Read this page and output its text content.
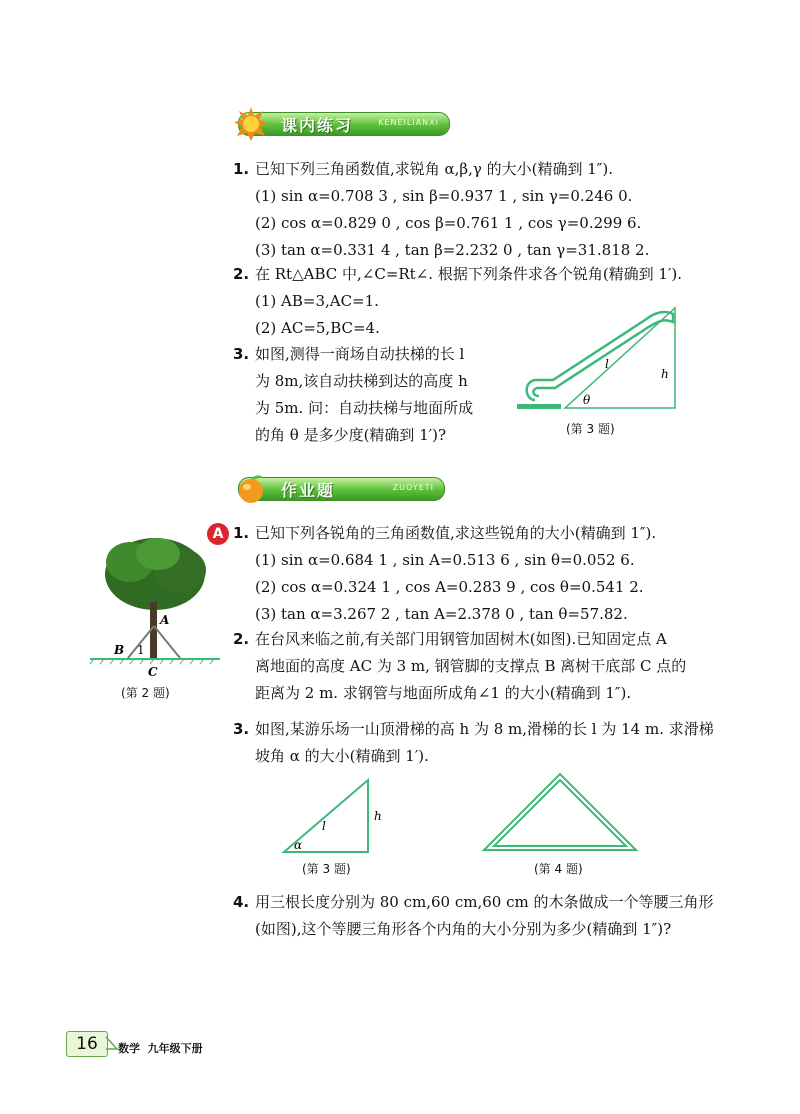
课内练习	KENEILIANXI
1. 已知下列三角函数值,求锐角 α,β,γ 的大小(精确到 1″).
(1) sin α=0.708 3 , sin β=0.937 1 , sin γ=0.246 0.
(2) cos α=0.829 0 , cos β=0.761 1 , cos γ=0.299 6.
(3) tan α=0.331 4 , tan β=2.232 0 , tan γ=31.818 2.
2. 在 Rt△ABC 中,∠C=Rt∠. 根据下列条件求各个锐角(精确到 1′).
(1) AB=3,AC=1.
(2) AC=5,BC=4.
3. 如图,测得一商场自动扶梯的长 l
为 8m,该自动扶梯到达的高度 h
为 5m. 问：自动扶梯与地面所成
的角 θ 是多少度(精确到 1′)?
l
h
θ
(第 3 题)
作业题	ZUOYETI
A 1. 已知下列各锐角的三角函数值,求这些锐角的大小(精确到 1″).
(1) sin α=0.684 1 , sin A=0.513 6 , sin θ=0.052 6.
(2) cos α=0.324 1 , cos A=0.283 9 , cos θ=0.541 2.
(3) tan α=3.267 2 , tan A=2.378 0 , tan θ=57.82.
A
B 1
C
(第 2 题)
2. 在台风来临之前,有关部门用钢管加固树木(如图).已知固定点 A
离地面的高度 AC 为 3 m, 钢管脚的支撑点 B 离树干底部 C 点的
距离为 2 m. 求钢管与地面所成角∠1 的大小(精确到 1″).
3. 如图,某游乐场一山顶滑梯的高 h 为 8 m,滑梯的长 l 为 14 m. 求滑梯
坡角 α 的大小(精确到 1′).
l
h
α
(第 3 题)	(第 4 题)
4. 用三根长度分别为 80 cm,60 cm,60 cm 的木条做成一个等腰三角形
(如图),这个等腰三角形各个内角的大小分别为多少(精确到 1″)?
16	数学  九年级下册
